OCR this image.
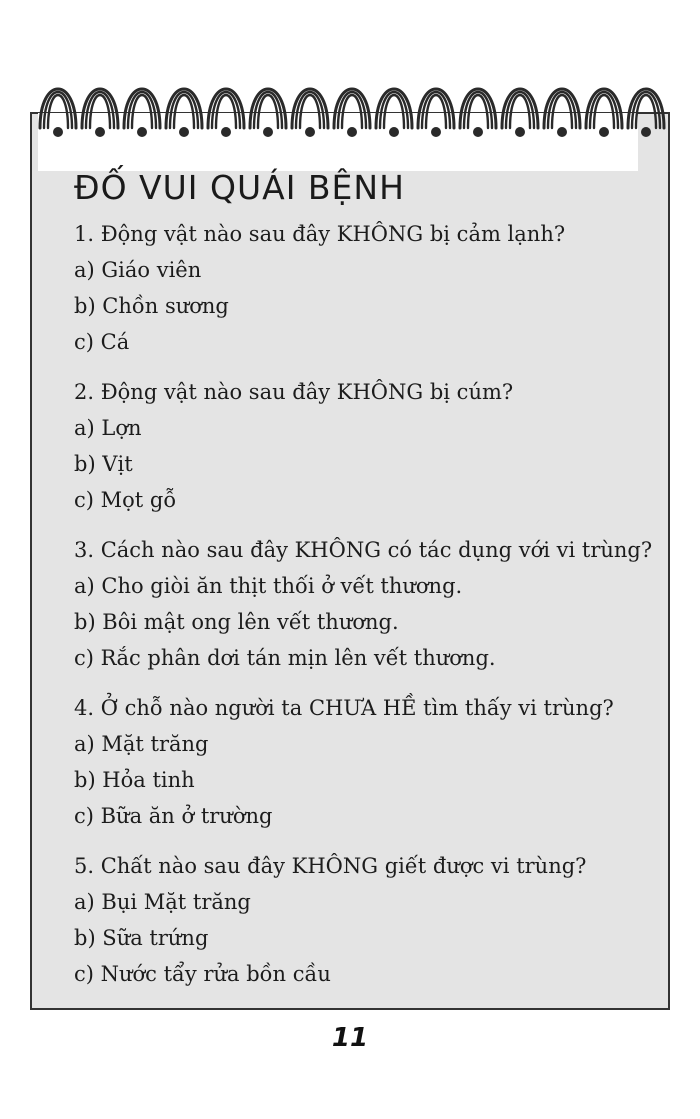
ĐỐ VUI QUÁI BỆNH
1. Động vật nào sau đây KHÔNG bị cảm lạnh?
a) Giáo viên
b) Chồn sương
c) Cá
2. Động vật nào sau đây KHÔNG bị cúm?
a) Lợn
b) Vịt
c) Mọt gỗ
3. Cách nào sau đây KHÔNG có tác dụng với vi trùng?
a) Cho giòi ăn thịt thối ở vết thương.
b) Bôi mật ong lên vết thương.
c) Rắc phân dơi tán mịn lên vết thương.
4. Ở chỗ nào người ta CHƯA HỀ tìm thấy vi trùng?
a) Mặt trăng
b) Hỏa tinh
c) Bữa ăn ở trường
5. Chất nào sau đây KHÔNG giết được vi trùng?
a) Bụi Mặt trăng
b) Sữa trứng
c) Nước tẩy rửa bồn cầu
11
